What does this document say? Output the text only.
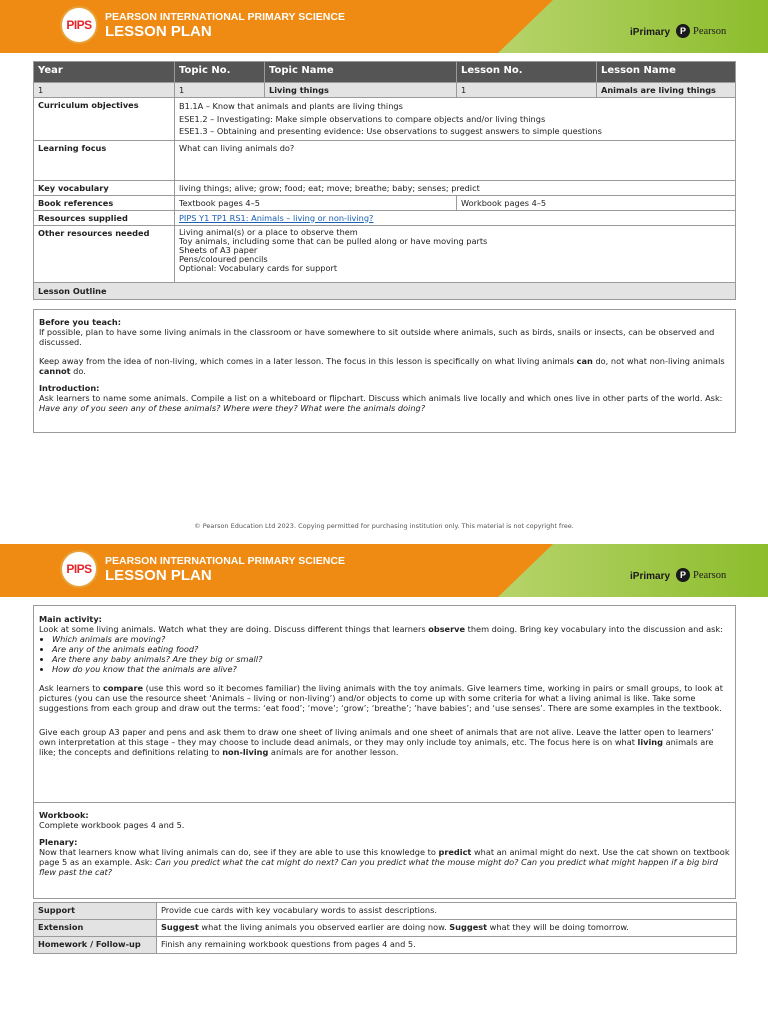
PIPS
PEARSON INTERNATIONAL PRIMARY SCIENCE
LESSON PLAN	iPrimary	P Pearson
Year	Topic No.	Topic Name	Lesson No.	Lesson Name
1	1	Living things	1	Animals are living things
Curriculum objectives	B1.1A – Know that animals and plants are living things
ESE1.2 – Investigating: Make simple observations to compare objects and/or living things
ESE1.3 – Obtaining and presenting evidence: Use observations to suggest answers to simple questions			

Learning focus	What can living animals do?			
Key vocabulary	living things; alive; grow; food; eat; move; breathe; baby; senses; predict			
Book references	Textbook pages 4–5		Workbook pages 4–5	
Resources supplied	PIPS Y1 TP1 RS1: Animals – living or non-living?			
Other resources needed	Living animal(s) or a place to observe them
Toy animals, including some that can be pulled along or have moving parts
Sheets of A3 paper
Pens/coloured pencils
Optional: Vocabulary cards for support			

Lesson Outline				

Before you teach:

If possible, plan to have some living animals in the classroom or have somewhere to sit outside where animals, such as birds, snails or insects, can be observed and discussed.

Keep away from the idea of non-living, which comes in a later lesson. The focus in this lesson is specifically on what living animals can do, not what non-living animals cannot do.

Introduction:

Ask learners to name some animals. Compile a list on a whiteboard or flipchart. Discuss which animals live locally and which ones live in other parts of the world. Ask: Have any of you seen any of these animals? Where were they? What were the animals doing?

© Pearson Education Ltd 2023. Copying permitted for purchasing institution only. This material is not copyright free.
PIPS
PEARSON INTERNATIONAL PRIMARY SCIENCE
LESSON PLAN	iPrimary	P Pearson

Main activity:

Look at some living animals. Watch what they are doing. Discuss different things that learners observe them doing. Bring key vocabulary into the discussion and ask:

• Which animals are moving?
• Are any of the animals eating food?
• Are there any baby animals? Are they big or small?
• How do you know that the animals are alive?

Ask learners to compare (use this word so it becomes familiar) the living animals with the toy animals. Give learners time, working in pairs or small groups, to look at pictures (you can use the resource sheet ‘Animals – living or non-living’) and/or objects to come up with some criteria for what a living animal is like. Take some suggestions from each group and draw out the terms: ‘eat food’; ‘move’; ‘grow’; ‘breathe’; ‘have babies’; and ‘use senses’. There are some examples in the textbook.

Give each group A3 paper and pens and ask them to draw one sheet of living animals and one sheet of animals that are not alive. Leave the latter open to learners’ own interpretation at this stage – they may choose to include dead animals, or they may only include toy animals, etc. The focus here is on what living animals are like; the concepts and definitions relating to non-living animals are for another lesson.

Workbook:

Complete workbook pages 4 and 5.

Plenary:

Now that learners know what living animals can do, see if they are able to use this knowledge to predict what an animal might do next. Use the cat shown on textbook page 5 as an example. Ask: Can you predict what the cat might do next? Can you predict what the mouse might do? Can you predict what might happen if a big bird flew past the cat?

Support	Provide cue cards with key vocabulary words to assist descriptions.
Extension	Suggest what the living animals you observed earlier are doing now. Suggest what they will be doing tomorrow.
Homework / Follow-up	Finish any remaining workbook questions from pages 4 and 5.
